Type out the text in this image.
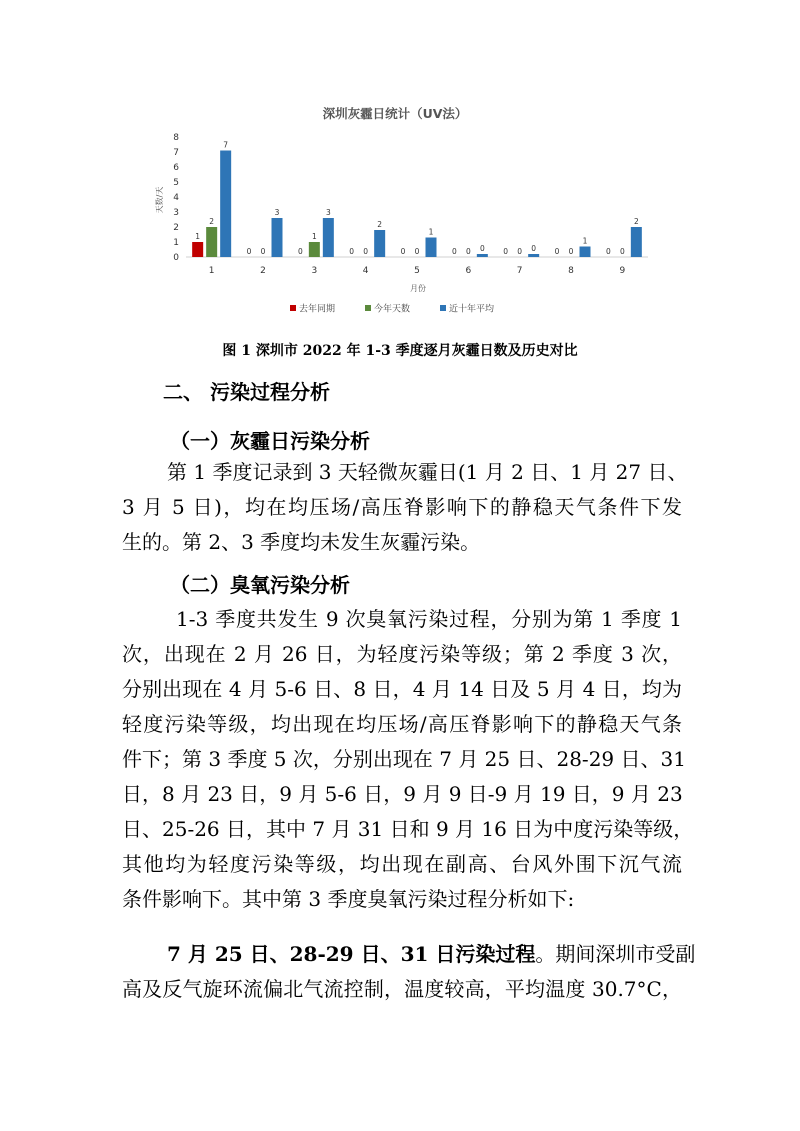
深圳灰霾日统计（UV法）
0
1
2
3
4
5
6
7
8
天数/天
1
2
7
0 0
3
0
1
3
0 0
2
0 0
1
0 0 0 0 0 0 0 0
1
0 0
2
1	2	3	4	5	6	7	8	9
月份
去年同期	今年天数	近十年平均
图 1 深圳市 2022 年 1-3 季度逐月灰霾日数及历史对比
二、 污染过程分析
（一）灰霾日污染分析
第 1 季度记录到 3 天轻微灰霾日(1 月 2 日、1 月 27 日、
3 月 5 日)，均在均压场/高压脊影响下的静稳天气条件下发
生的。第 2、3 季度均未发生灰霾污染。
（二）臭氧污染分析
1-3 季度共发生 9 次臭氧污染过程，分别为第 1 季度 1
次，出现在 2 月 26 日，为轻度污染等级；第 2 季度 3 次，
分别出现在 4 月 5-6 日、8 日，4 月 14 日及 5 月 4 日，均为
轻度污染等级，均出现在均压场/高压脊影响下的静稳天气条
件下；第 3 季度 5 次，分别出现在 7 月 25 日、28-29 日、31
日，8 月 23 日，9 月 5-6 日，9 月 9 日-9 月 19 日，9 月 23
日、25-26 日，其中 7 月 31 日和 9 月 16 日为中度污染等级，
其他均为轻度污染等级，均出现在副高、台风外围下沉气流
条件影响下。其中第 3 季度臭氧污染过程分析如下:
7 月 25 日、28-29 日、31 日污染过程。期间深圳市受副
高及反气旋环流偏北气流控制，温度较高，平均温度 30.7°C，
